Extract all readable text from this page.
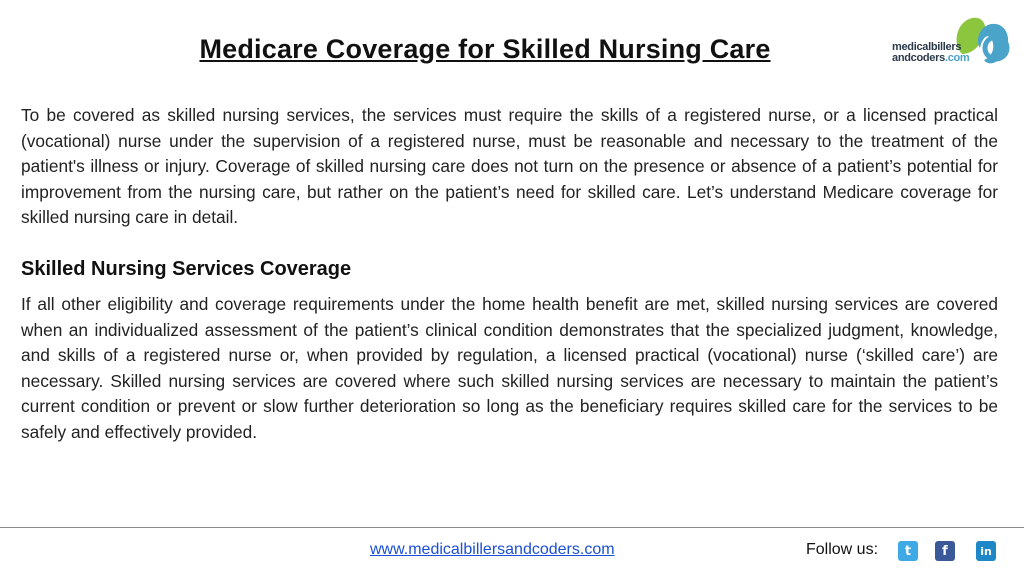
Medicare Coverage for Skilled Nursing Care	medicalbillers
andcoders.com

To be covered as skilled nursing services, the services must require the skills of a registered nurse, or a licensed practical (vocational) nurse under the supervision of a registered nurse, must be reasonable and necessary to the treatment of the patient's illness or injury. Coverage of skilled nursing care does not turn on the presence or absence of a patient’s potential for improvement from the nursing care, but rather on the patient’s need for skilled care. Let’s understand Medicare coverage for skilled nursing care in detail.

Skilled Nursing Services Coverage

If all other eligibility and coverage requirements under the home health benefit are met, skilled nursing services are covered when an individualized assessment of the patient’s clinical condition demonstrates that the specialized judgment, knowledge, and skills of a registered nurse or, when provided by regulation, a licensed practical (vocational) nurse (‘skilled care’) are necessary. Skilled nursing services are covered where such skilled nursing services are necessary to maintain the patient’s current condition or prevent or slow further deterioration so long as the beneficiary requires skilled care for the services to be safely and effectively provided.

www.medicalbillersandcoders.com	Follow us:	t	f	in
